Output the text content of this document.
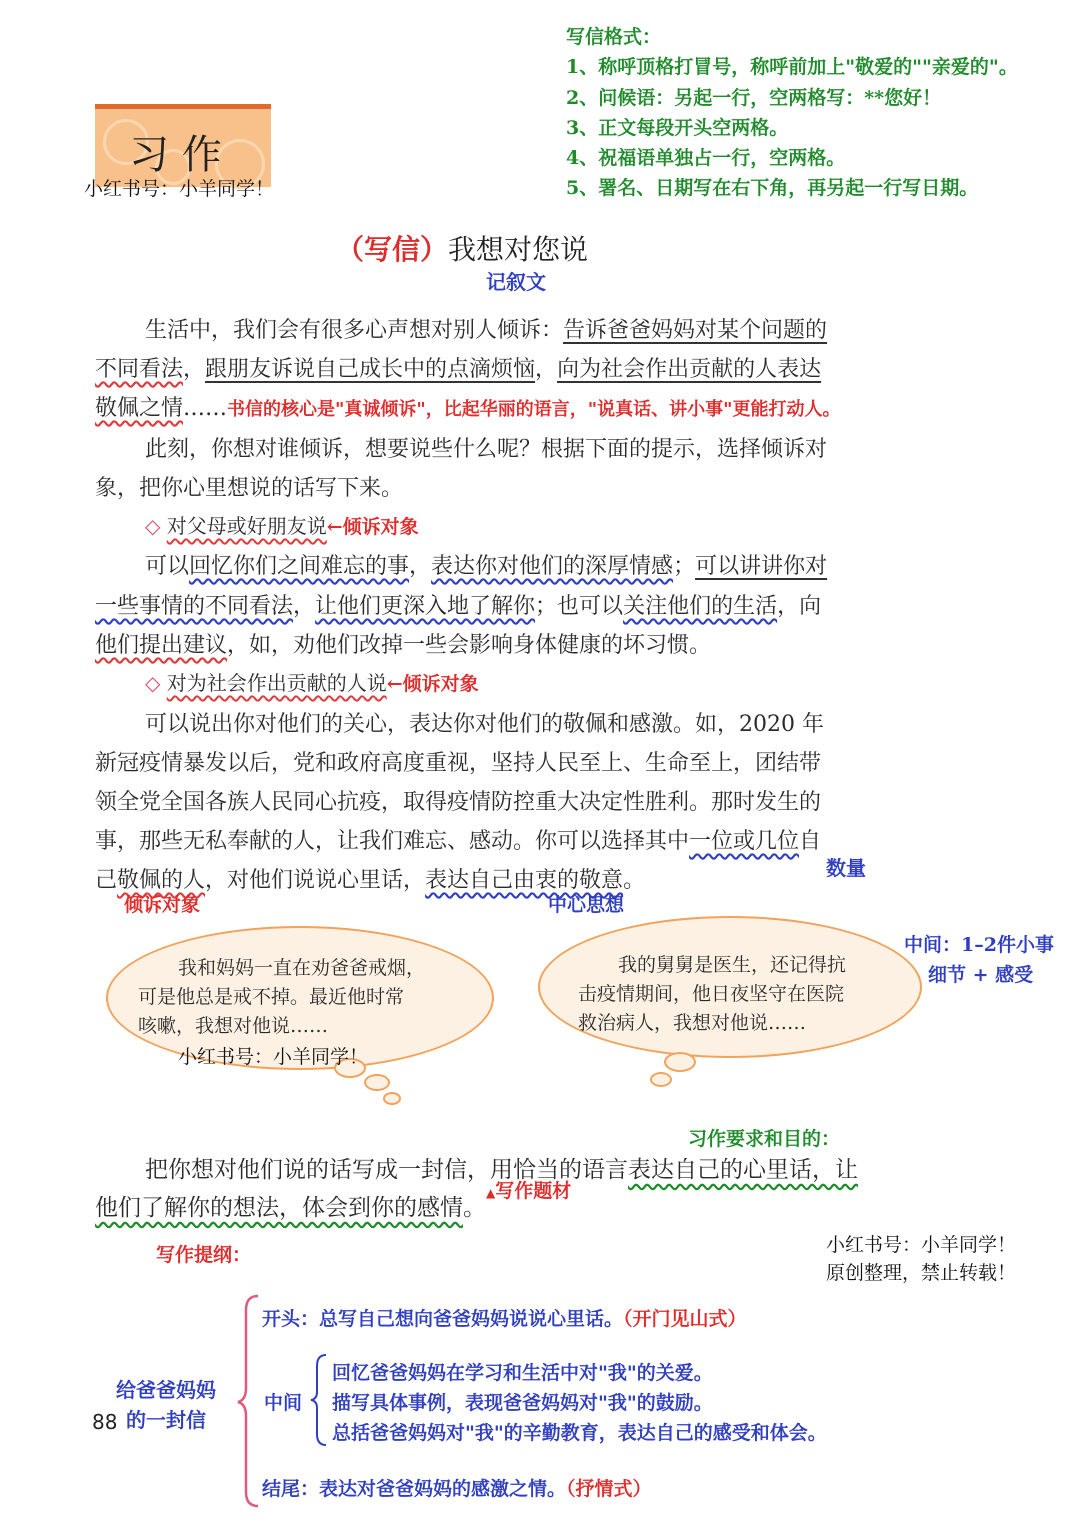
写信格式：
1、称呼顶格打冒号，称呼前加上"敬爱的""亲爱的"。
2、问候语：另起一行，空两格写：**您好！
3、正文每段开头空两格。
4、祝福语单独占一行，空两格。
5、署名、日期写在右下角，再另起一行写日期。
习 作
小红书号：小羊同学！
（写信）我想对您说
记叙文
生活中，我们会有很多心声想对别人倾诉：告诉爸爸妈妈对某个问题的
不同看法，跟朋友诉说自己成长中的点滴烦恼，向为社会作出贡献的人表达
敬佩之情……书信的核心是"真诚倾诉"，比起华丽的语言，"说真话、讲小事"更能打动人。
此刻，你想对谁倾诉，想要说些什么呢？根据下面的提示，选择倾诉对
象，把你心里想说的话写下来。
◇ 对父母或好朋友说←倾诉对象
可以回忆你们之间难忘的事，表达你对他们的深厚情感；可以讲讲你对
一些事情的不同看法，让他们更深入地了解你；也可以关注他们的生活，向
他们提出建议，如，劝他们改掉一些会影响身体健康的坏习惯。
◇ 对为社会作出贡献的人说←倾诉对象
可以说出你对他们的关心，表达你对他们的敬佩和感激。如，2020 年
新冠疫情暴发以后，党和政府高度重视，坚持人民至上、生命至上，团结带
领全党全国各族人民同心抗疫，取得疫情防控重大决定性胜利。那时发生的
事，那些无私奉献的人，让我们难忘、感动。你可以选择其中一位或几位自
数量
己敬佩的人，对他们说说心里话，表达自己由衷的敬意。
倾诉对象	中心思想
我和妈妈一直在劝爸爸戒烟，
可是他总是戒不掉。最近他时常
咳嗽，我想对他说……
小红书号：小羊同学！
我的舅舅是医生，还记得抗
击疫情期间，他日夜坚守在医院
救治病人，我想对他说……
中间：1–2件小事
细节 + 感受
习作要求和目的：
把你想对他们说的话写成一封信，用恰当的语言表达自己的心里话，让
他们了解你的想法，体会到你的感情。
▲写作题材
小红书号：小羊同学！
原创整理，禁止转载！
写作提纲：
给爸爸妈妈
的一封信
88
开头：总写自己想向爸爸妈妈说说心里话。（开门见山式）
中间
回忆爸爸妈妈在学习和生活中对"我"的关爱。
描写具体事例，表现爸爸妈妈对"我"的鼓励。
总括爸爸妈妈对"我"的辛勤教育，表达自己的感受和体会。
结尾：表达对爸爸妈妈的感激之情。（抒情式）
